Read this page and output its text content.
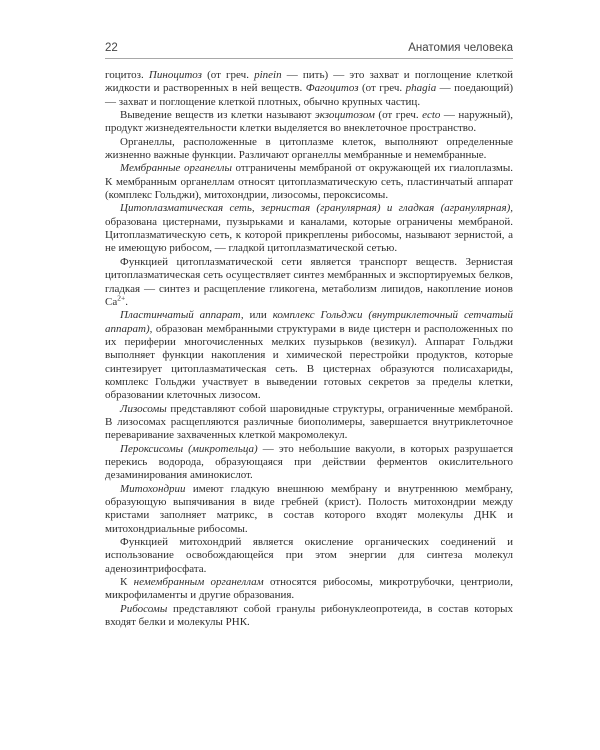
22	Анатомия человека

гоцитоз. Пиноцитоз (от греч. pinein — пить) — это захват и поглощение клеткой жидкости и растворенных в ней веществ. Фагоцитоз (от греч. phagia — поедающий) — захват и поглощение клеткой плотных, обычно крупных частиц.

Выведение веществ из клетки называют экзоцитозом (от греч. ecto — наружный), продукт жизнедеятельности клетки выделяется во внеклеточное пространство.

Органеллы, расположенные в цитоплазме клеток, выполняют определенные жизненно важные функции. Различают органеллы мембранные и немембранные.

Мембранные органеллы отграничены мембраной от окружающей их гиалоплазмы. К мембранным органеллам относят цитоплазматическую сеть, пластинчатый аппарат (комплекс Гольджи), митохондрии, лизосомы, пероксисомы.

Цитоплазматическая сеть, зернистая (гранулярная) и гладкая (агранулярная), образована цистернами, пузырьками и каналами, которые ограничены мембраной. Цитоплазматическую сеть, к которой прикреплены рибосомы, называют зернистой, а не имеющую рибосом, — гладкой цитоплазматической сетью.

Функцией цитоплазматической сети является транспорт веществ. Зернистая цитоплазматическая сеть осуществляет синтез мембранных и экспортируемых белков, гладкая — синтез и расщепление гликогена, метаболизм липидов, накопление ионов $Ca^{2+}$.

Пластинчатый аппарат, или комплекс Гольджи (внутриклеточный сетчатый аппарат), образован мембранными структурами в виде цистерн и расположенных по их периферии многочисленных мелких пузырьков (везикул). Аппарат Гольджи выполняет функции накопления и химической перестройки продуктов, которые синтезирует цитоплазматическая сеть. В цистернах образуются полисахариды, комплекс Гольджи участвует в выведении готовых секретов за пределы клетки, образовании клеточных лизосом.

Лизосомы представляют собой шаровидные структуры, ограниченные мембраной. В лизосомах расщепляются различные биополимеры, завершается внутриклеточное переваривание захваченных клеткой макромолекул.

Пероксисомы (микротельца) — это небольшие вакуоли, в которых разрушается перекись водорода, образующаяся при действии ферментов окислительного дезаминирования аминокислот.

Митохондрии имеют гладкую внешнюю мембрану и внутреннюю мембрану, образующую выпячивания в виде гребней (крист). Полость митохондрии между кристами заполняет матрикс, в состав которого входят молекулы ДНК и митохондриальные рибосомы.

Функцией митохондрий является окисление органических соединений и использование освобождающейся при этом энергии для синтеза молекул аденозинтрифосфата.

К немембранным органеллам относятся рибосомы, микротрубочки, центриоли, микрофиламенты и другие образования.

Рибосомы представляют собой гранулы рибонуклеопротеида, в состав которых входят белки и молекулы РНК.
